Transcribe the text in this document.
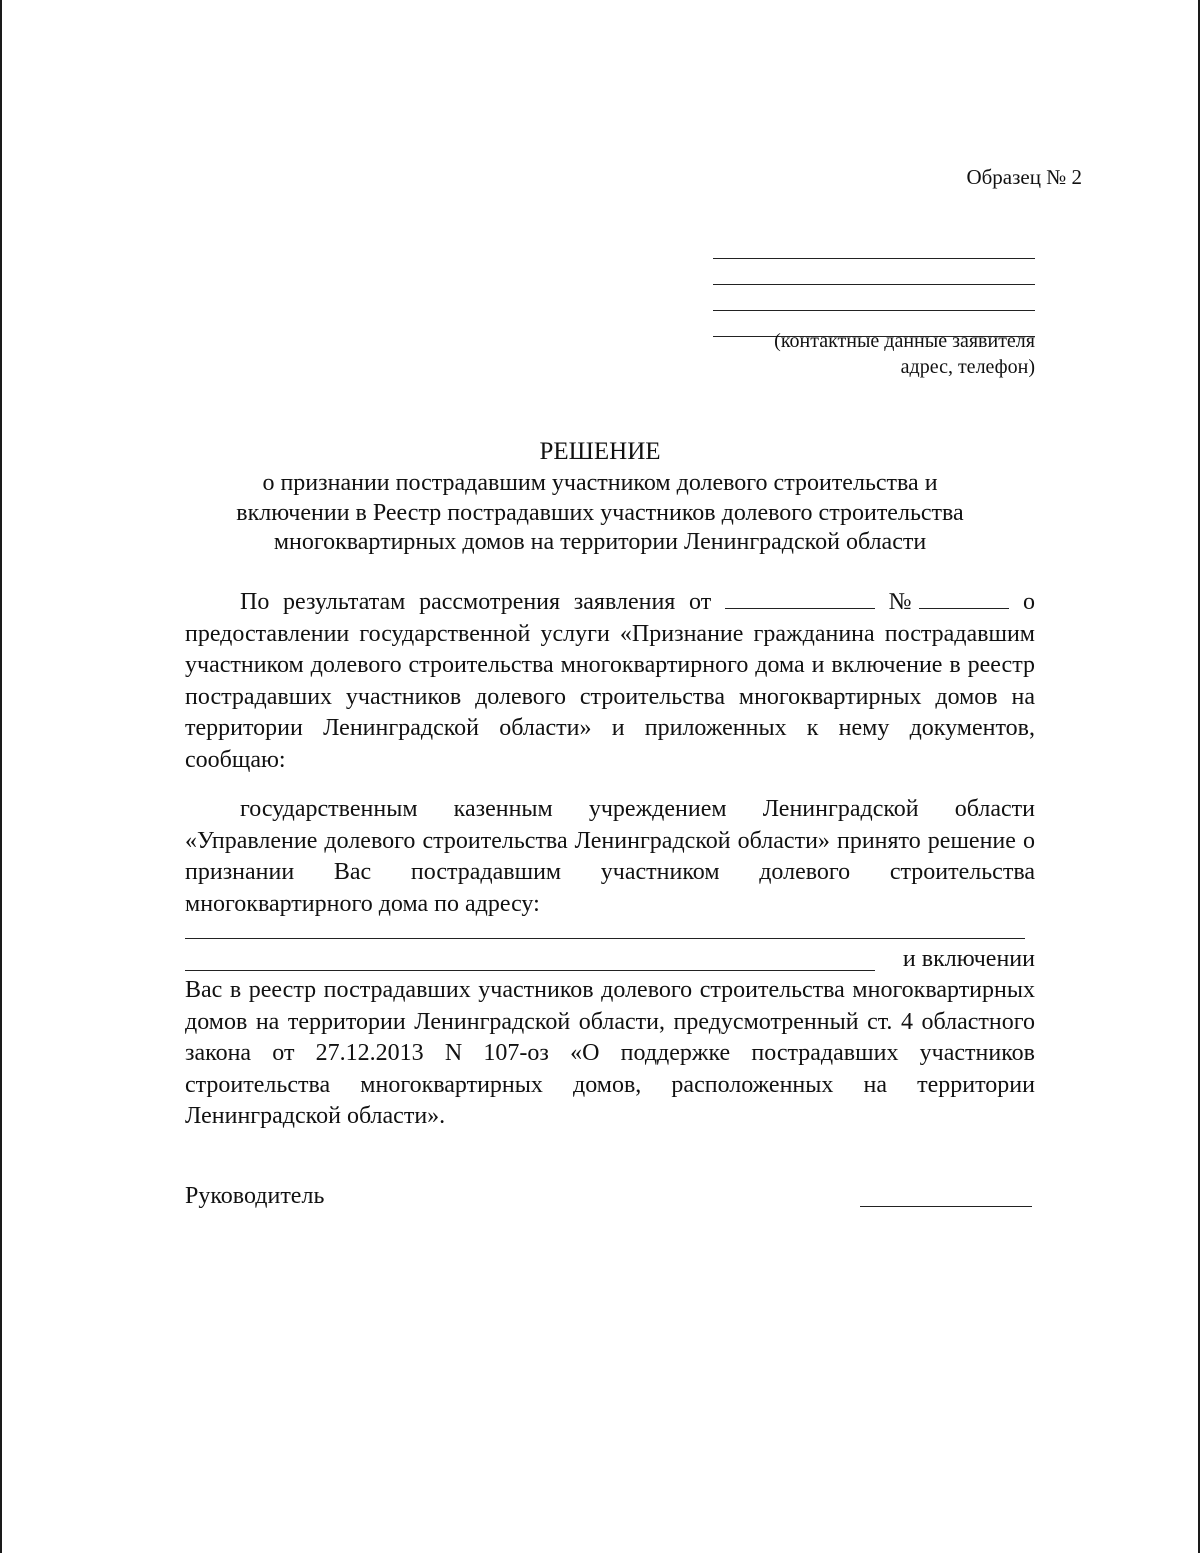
Образец № 2
(контактные данные заявителя
адрес, телефон)
РЕШЕНИЕ
о признании пострадавшим участником долевого строительства и
включении в Реестр пострадавших участников долевого строительства
многоквартирных домов на территории Ленинградской области
По результатам рассмотрения заявления от	№	о предоставлении государственной услуги «Признание гражданина пострадавшим участником долевого строительства многоквартирного дома и включение в реестр пострадавших участников долевого строительства многоквартирных домов на территории Ленинградской области» и приложенных к нему документов, сообщаю:
государственным казенным учреждением Ленинградской области «Управление долевого строительства Ленинградской области» принято решение о признании Вас пострадавшим участником долевого строительства многоквартирного дома по адресу:
и включении
Вас в реестр пострадавших участников долевого строительства многоквартирных домов на территории Ленинградской области, предусмотренный ст. 4 областного закона от 27.12.2013 N 107-оз «О поддержке пострадавших участников строительства многоквартирных домов, расположенных на территории Ленинградской области».
Руководитель
